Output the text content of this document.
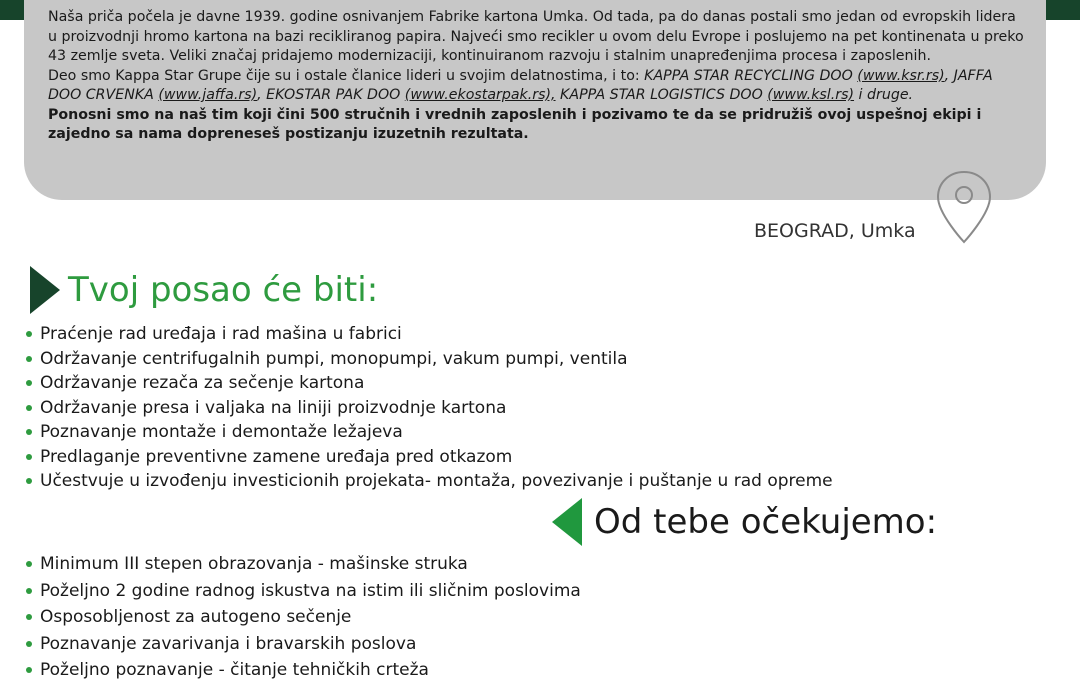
Naša priča počela je davne 1939. godine osnivanjem Fabrike kartona Umka. Od tada, pa do danas postali smo jedan od evropskih lidera u proizvodnji hromo kartona na bazi recikliranog papira. Najveći smo recikler u ovom delu Evrope i poslujemo na pet kontinenata u preko 43 zemlje sveta. Veliki značaj pridajemo modernizaciji, kontinuiranom razvoju i stalnim unapređenjima procesa i zaposlenih.

Deo smo Kappa Star Grupe čije su i ostale članice lideri u svojim delatnostima, i to: KAPPA STAR RECYCLING DOO (www.ksr.rs), JAFFA DOO CRVENKA (www.jaffa.rs), EKOSTAR PAK DOO (www.ekostarpak.rs), KAPPA STAR LOGISTICS DOO (www.ksl.rs) i druge.

Ponosni smo na naš tim koji čini 500 stručnih i vrednih zaposlenih i pozivamo te da se pridružiš ovoj uspešnoj ekipi i zajedno sa nama dopreneseš postizanju izuzetnih rezultata.

BEOGRAD, Umka
Tvoj posao će biti:
Praćenje rad uređaja i rad mašina u fabrici
Održavanje centrifugalnih pumpi, monopumpi, vakum pumpi, ventila
Održavanje rezača za sečenje kartona
Održavanje presa i valjaka na liniji proizvodnje kartona
Poznavanje montaže i demontaže ležajeva
Predlaganje preventivne zamene uređaja pred otkazom
Učestvuje u izvođenju investicionih projekata- montaža, povezivanje i puštanje u rad opreme
Od tebe očekujemo:
Minimum III stepen obrazovanja - mašinske struka
Poželjno 2 godine radnog iskustva na istim ili sličnim poslovima
Osposobljenost za autogeno sečenje
Poznavanje zavarivanja i bravarskih poslova
Poželjno poznavanje - čitanje tehničkih crteža
